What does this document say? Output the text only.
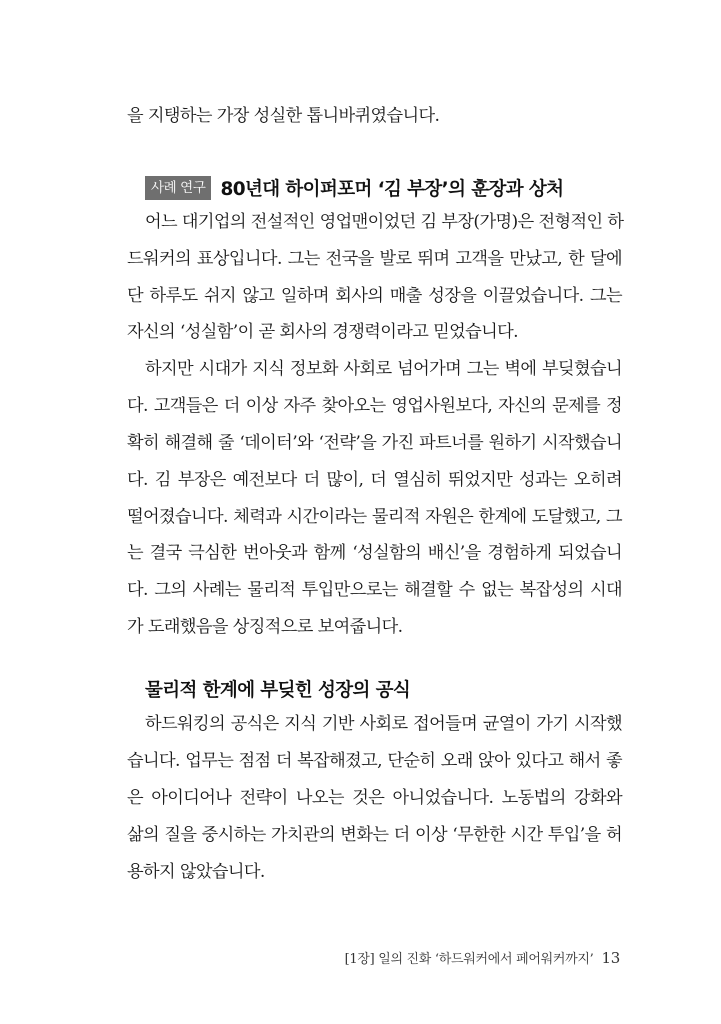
을 지탱하는 가장 성실한 톱니바퀴였습니다.
사례 연구 80년대 하이퍼포머 ‘김 부장’의 훈장과 상처
어느 대기업의 전설적인 영업맨이었던 김 부장(가명)은 전형적인 하
드워커의 표상입니다. 그는 전국을 발로 뛰며 고객을 만났고, 한 달에
단 하루도 쉬지 않고 일하며 회사의 매출 성장을 이끌었습니다. 그는
자신의 ‘성실함’이 곧 회사의 경쟁력이라고 믿었습니다.
하지만 시대가 지식 정보화 사회로 넘어가며 그는 벽에 부딪혔습니
다. 고객들은 더 이상 자주 찾아오는 영업사원보다, 자신의 문제를 정
확히 해결해 줄 ‘데이터’와 ‘전략’을 가진 파트너를 원하기 시작했습니
다. 김 부장은 예전보다 더 많이, 더 열심히 뛰었지만 성과는 오히려
떨어졌습니다. 체력과 시간이라는 물리적 자원은 한계에 도달했고, 그
는 결국 극심한 번아웃과 함께 ‘성실함의 배신’을 경험하게 되었습니
다. 그의 사례는 물리적 투입만으로는 해결할 수 없는 복잡성의 시대
가 도래했음을 상징적으로 보여줍니다.
물리적 한계에 부딪힌 성장의 공식
하드워킹의 공식은 지식 기반 사회로 접어들며 균열이 가기 시작했
습니다. 업무는 점점 더 복잡해졌고, 단순히 오래 앉아 있다고 해서 좋
은 아이디어나 전략이 나오는 것은 아니었습니다. 노동법의 강화와
삶의 질을 중시하는 가치관의 변화는 더 이상 ‘무한한 시간 투입’을 허
용하지 않았습니다.
[1장] 일의 진화 ‘하드워커에서 페어워커까지’ 13
